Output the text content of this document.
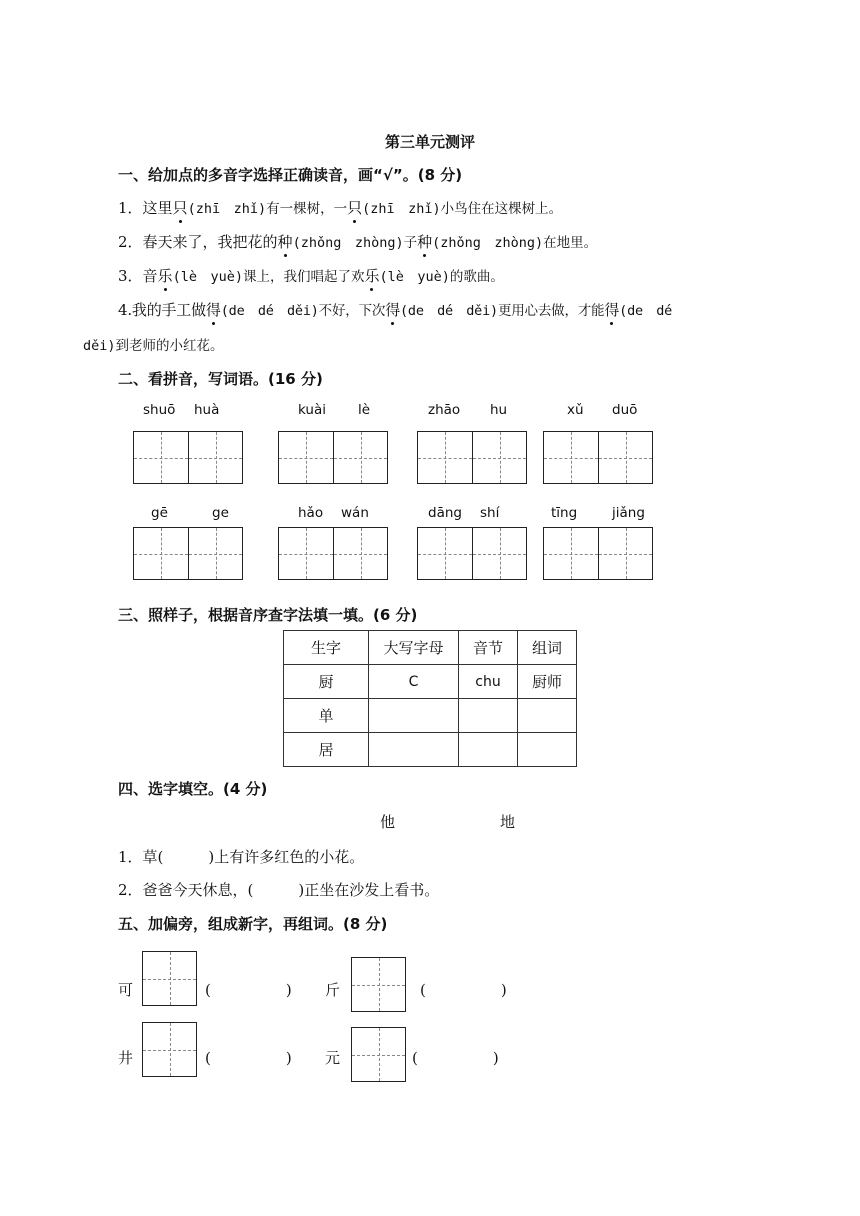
第三单元测评
一、给加点的多音字选择正确读音，画“√”。(8 分)
1．这里只(zhī　zhǐ)有一棵树，一只(zhī　zhǐ)小鸟住在这棵树上。
2．春天来了，我把花的种(zhǒng　zhòng)子种(zhǒng　zhòng)在地里。
3．音乐(lè　yuè)课上，我们唱起了欢乐(lè　yuè)的歌曲。
4.我的手工做得(de　dé　děi)不好，下次得(de　dé　děi)更用心去做，才能得(de　dé
děi)到老师的小红花。
二、看拼音，写词语。(16 分)
shuō huà	kuài lè	zhāo hu	xǔ duō
gē	ge	hǎo wán	dāng shí	tīng	jiǎng
三、照样子，根据音序查字法填一填。(6 分)
生字	大写字母	音节	组词
厨	C	chu	厨师
单			
居			
四、选字填空。(4 分)
他	地
1．草(　　　)上有许多红色的小花。
2．爸爸今天休息，(　　　)正坐在沙发上看书。
五、加偏旁，组成新字，再组词。(8 分)
可	(　　　　　) 斤	(　　　　　)
井	(　　　　　) 元	(　　　　　)
